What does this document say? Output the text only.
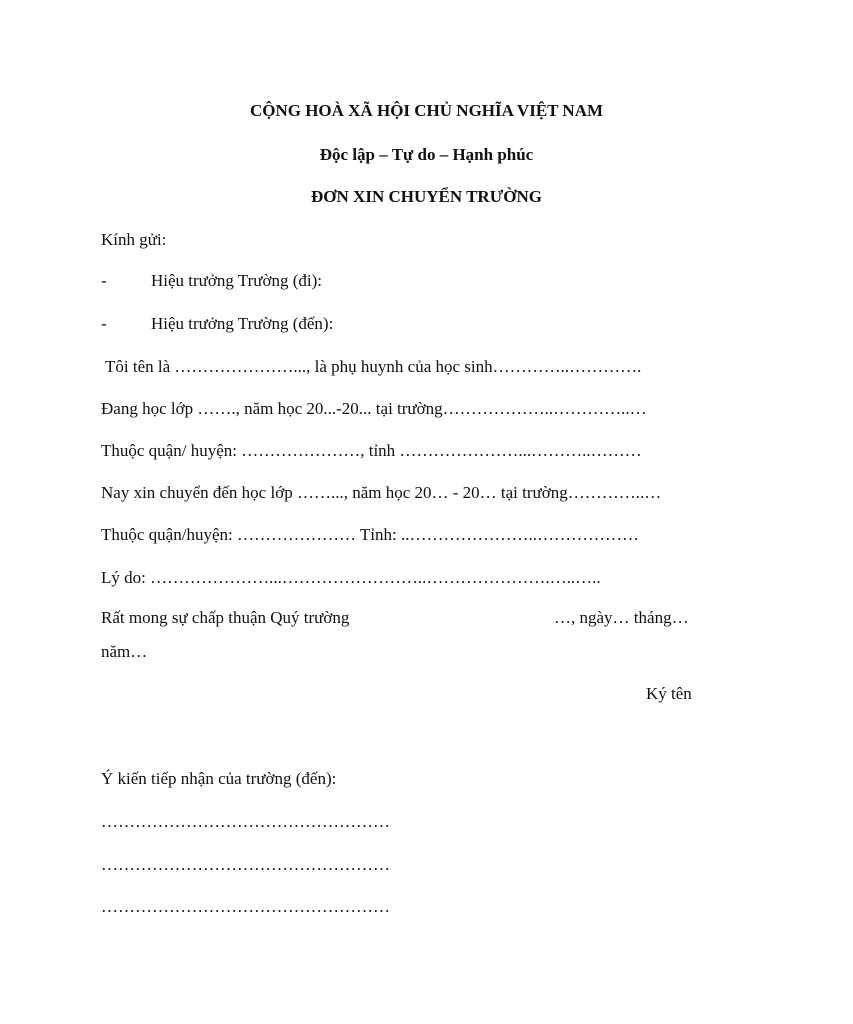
CỘNG HOÀ XÃ HỘI CHỦ NGHĨA VIỆT NAM
Độc lập – Tự do – Hạnh phúc
ĐƠN XIN CHUYỂN TRƯỜNG
Kính gửi:
-	Hiệu trưởng Trường (đi):
-	Hiệu trưởng Trường (đến):
Tôi tên là …………………..., là phụ huynh của học sinh…………..………….
Đang học lớp ……., năm học 20...-20... tại trường………………..…………..…
Thuộc quận/ huyện: …………………, tỉnh …………………...………..………
Nay xin chuyển đến học lớp ……..., năm học 20… - 20… tại trường…………..…
Thuộc quận/huyện: ………………… Tỉnh: ..…………………..………………
Lý do: …………………...……………………..………………….…..…..
Rất mong sự chấp thuận Quý trường	…, ngày… tháng…
năm…
Ký tên
Ý kiến tiếp nhận của trường (đến):
……………………………………………
……………………………………………
……………………………………………
